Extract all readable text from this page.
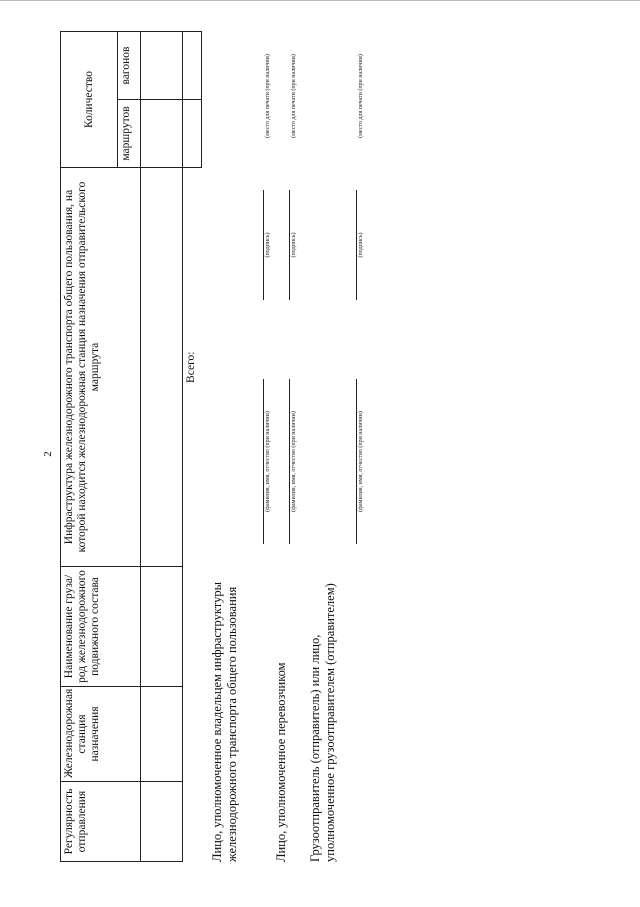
2
Регулярность отправления	Железнодорожная станция назначения	Наименование груза/ род железнодорожного подвижного состава	Инфраструктура железнодорожного транспорта общего пользования, на которой находится железнодорожная станция назначения отправительского маршрута	Количество	
				маршрутов	вагонов

			Всего:		
Лицо, уполномоченное владельцем инфраструктуры железнодорожного транспорта общего пользования
(фамилия, имя, отчество (при наличии)
(подпись)
(место для печати (при наличии)
Лицо, уполномоченное перевозчиком
(фамилия, имя, отчество (при наличии)
(подпись)
(место для печати (при наличии)
Грузоотправитель (отправитель) или лицо, уполномоченное грузоотправителем (отправителем)
(фамилия, имя, отчество (при наличии)
(подпись)
(место для печати (при наличии)
